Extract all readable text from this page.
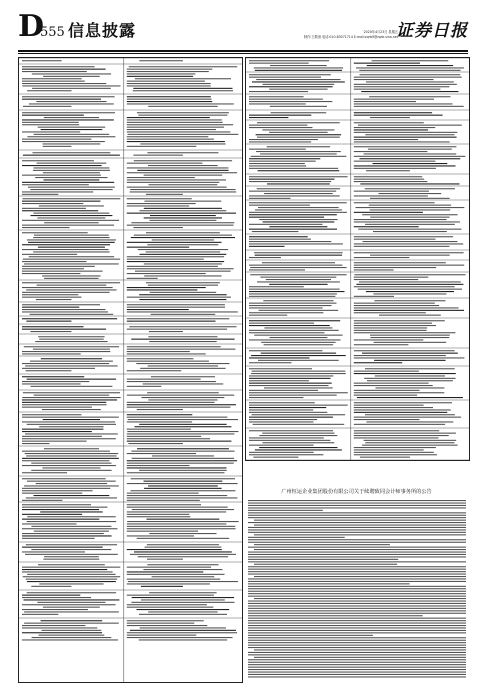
D
555 信息披露	2020年4月23日 星期五
制作:王敬涛 电话:010-63071714 E-mail:zqrb9@zqrb.sina.net
证券日报
广州恒运企业集团股份有限公司关于续聘致同会计师事务所的公告
